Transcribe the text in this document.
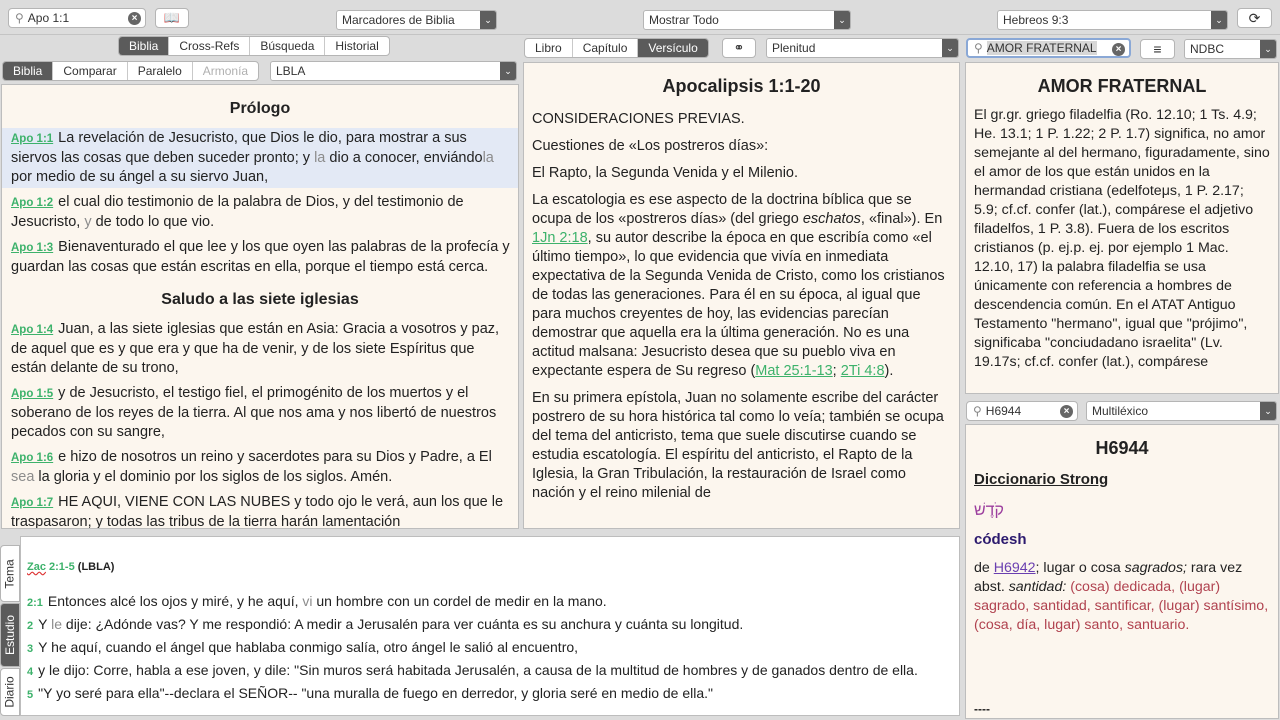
⚲ Apo 1:1	× 📖	Marcadores de Biblia	⌄	Mostrar Todo	⌄	Hebreos 9:3	⌄	⟳
Biblia	Cross-Refs	Búsqueda	Historial
Biblia	Comparar	Paralelo	Armonía	LBLA	⌄
Prólogo
Apo 1:1 La revelación de Jesucristo, que Dios le dio, para mostrar a sus siervos las cosas que deben suceder pronto; y la dio a conocer, enviándola por medio de su ángel a su siervo Juan,
Apo 1:2 el cual dio testimonio de la palabra de Dios, y del testimonio de Jesucristo, y de todo lo que vio.
Apo 1:3 Bienaventurado el que lee y los que oyen las palabras de la profecía y guardan las cosas que están escritas en ella, porque el tiempo está cerca.
Saludo a las siete iglesias
Apo 1:4 Juan, a las siete iglesias que están en Asia: Gracia a vosotros y paz, de aquel que es y que era y que ha de venir, y de los siete Espíritus que están delante de su trono,
Apo 1:5 y de Jesucristo, el testigo fiel, el primogénito de los muertos y el soberano de los reyes de la tierra. Al que nos ama y nos libertó de nuestros pecados con su sangre,
Apo 1:6 e hizo de nosotros un reino y sacerdotes para su Dios y Padre, a El sea la gloria y el dominio por los siglos de los siglos. Amén.
Apo 1:7 HE AQUI, VIENE CON LAS NUBES y todo ojo le verá, aun los que le traspasaron; y todas las tribus de la tierra harán lamentación
Libro	Capítulo	Versículo	⚭ Plenitud	⌄
Apocalipsis 1:1-20

CONSIDERACIONES PREVIAS.

Cuestiones de «Los postreros días»:

El Rapto, la Segunda Venida y el Milenio.

La escatologia es ese aspecto de la doctrina bíblica que se ocupa de los «postreros días» (del griego eschatos, «final»). En 1Jn 2:18, su autor describe la época en que escribía como «el último tiempo», lo que evidencia que vivía en inmediata expectativa de la Segunda Venida de Cristo, como los cristianos de todas las generaciones. Para él en su época, al igual que para muchos creyentes de hoy, las evidencias parecían demostrar que aquella era la última generación. No es una actitud malsana: Jesucristo desea que su pueblo viva en expectante espera de Su regreso (Mat 25:1-13; 2Ti 4:8).

En su primera epístola, Juan no solamente escribe del carácter postrero de su hora histórica tal como lo veía; también se ocupa del tema del anticristo, tema que suele discutirse cuando se estudia escatología. El espíritu del anticristo, el Rapto de la Iglesia, la Gran Tribulación, la restauración de Israel como nación y el reino milenial de

⚲ AMOR FRATERNAL	× ≡ NDBC	⌄
AMOR FRATERNAL
El gr.gr. griego filadelfia (Ro. 12.10; 1 Ts. 4.9; He. 13.1; 1 P. 1.22; 2 P. 1.7) significa, no amor semejante al del hermano, figuradamente, sino el amor de los que están unidos en la hermandad cristiana (edelfoteμs, 1 P. 2.17; 5.9; cf.cf. confer (lat.), compárese el adjetivo filadelfos, 1 P. 3.8). Fuera de los escritos cristianos (p. ej.p. ej. por ejemplo 1 Mac. 12.10, 17) la palabra filadelfia se usa únicamente con referencia a hombres de descendencia común. En el ATAT Antiguo Testamento "hermano", igual que "prójimo", significaba "conciudadano israelita" (Lv. 19.17s; cf.cf. confer (lat.), compárese
⚲ H6944	× Multiléxico	⌄
H6944
Diccionario Strong
קֹדֶשׁ
códesh
de H6942; lugar o cosa sagrados; rara vez abst. santidad: (cosa) dedicada, (lugar) sagrado, santidad, santificar, (lugar) santísimo, (cosa, día, lugar) santo, santuario.
----
Tema
Estudio
Diario
Zac 2:1-5 (LBLA)
2:1 Entonces alcé los ojos y miré, y he aquí, vi un hombre con un cordel de medir en la mano.
2 Y le dije: ¿Adónde vas? Y me respondió: A medir a Jerusalén para ver cuánta es su anchura y cuánta su longitud.
3 Y he aquí, cuando el ángel que hablaba conmigo salía, otro ángel le salió al encuentro,
4 y le dijo: Corre, habla a ese joven, y dile: "Sin muros será habitada Jerusalén, a causa de la multitud de hombres y de ganados dentro de ella.
5 "Y yo seré para ella"--declara el SEÑOR-- "una muralla de fuego en derredor, y gloria seré en medio de ella."
